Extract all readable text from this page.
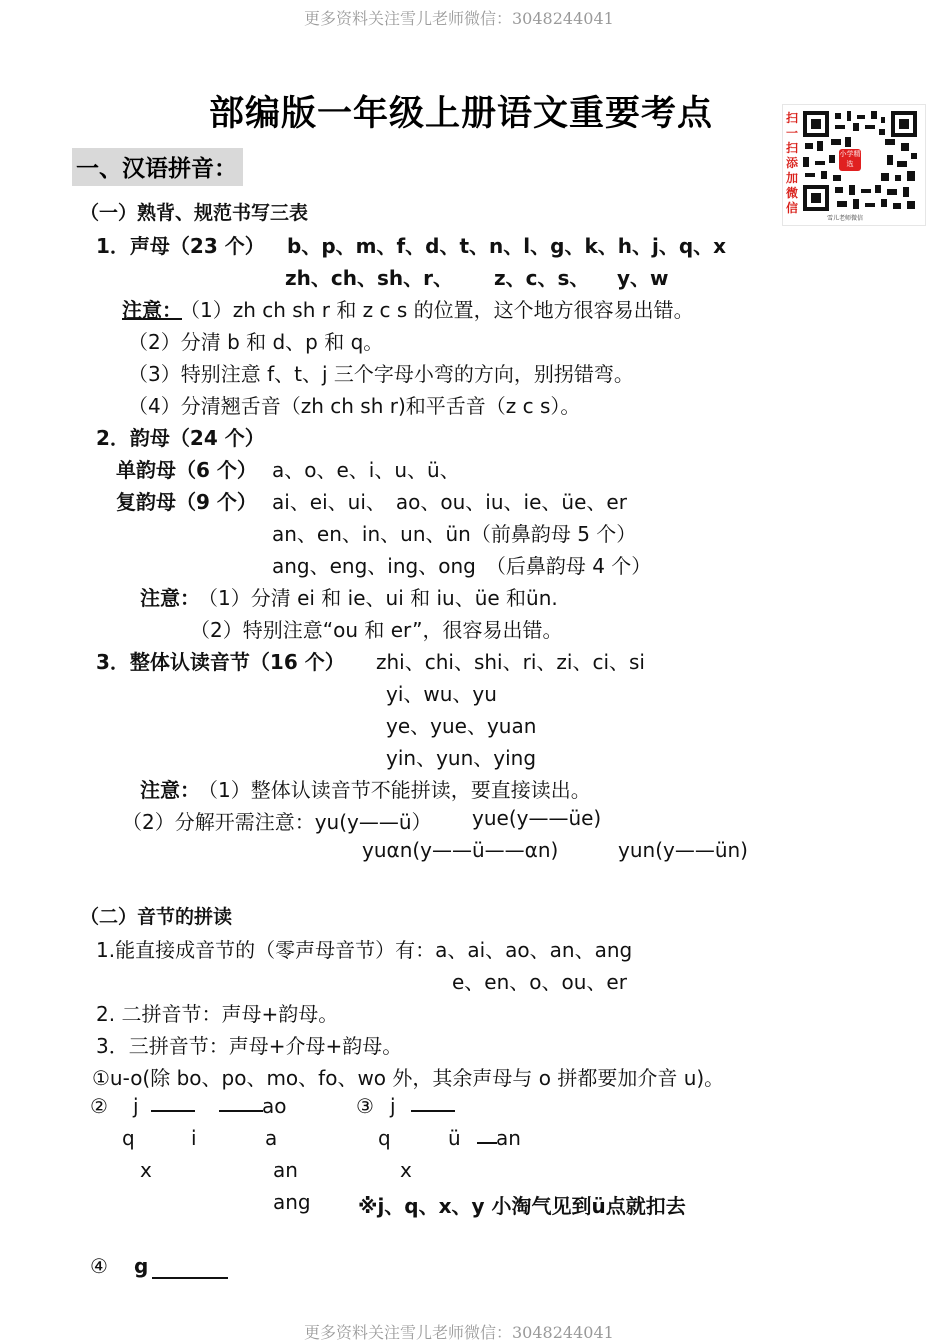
更多资料关注雪儿老师微信：3048244041
更多资料关注雪儿老师微信：3048244041
部编版一年级上册语文重要考点	扫一扫添加微信
小学精选
雪儿老师微信
一、汉语拼音：
（一）熟背、规范书写三表
1．声母（23 个） b、p、m、f、d、t、n、l、g、k、h、j、q、x
zh、ch、sh、r、 z、c、s、 y、w
注意：
（1）zh ch sh r 和 z c s 的位置，这个地方很容易出错。
（2）分清 b 和 d、p 和 q。
（3）特别注意 f、t、j 三个字母小弯的方向，别拐错弯。
（4）分清翘舌音（zh ch sh r)和平舌音（z c s）。
2．韵母（24 个）
单韵母（6 个） a、o、e、i、u、ü、
复韵母（9 个） ai、ei、ui、　ao、ou、iu、ie、üe、er
an、en、in、un、ün（前鼻韵母 5 个）
ang、eng、ing、ong　（后鼻韵母 4 个）
注意：
（1）分清 ei 和 ie、ui 和 iu、üe 和ün.
（2）特别注意“ou 和 er”，很容易出错。
3．整体认读音节（16 个） zhi、chi、shi、ri、zi、ci、si
yi、wu、yu
ye、yue、yuan
yin、yun、ying
注意：
（1）整体认读音节不能拼读，要直接读出。
（2）分解开需注意：yu(y——ü） yue(y——üe)
yuαn(y——ü——αn)	yun(y——ün)
（二）音节的拼读
1.能直接成音节的（零声母音节）有：a、ai、ao、an、ang
e、en、o、ou、er
2. 二拼音节：声母+韵母。
3．三拼音节：声母+介母+韵母。
①u-o(除 bo、po、mo、fo、wo 外，其余声母与 o 拼都要加介音 u)。
② j	ao	③ j
q	i	a	q	ü an
x	an	x
ang ※j、q、x、y 小淘气见到ü点就扣去
④ g
